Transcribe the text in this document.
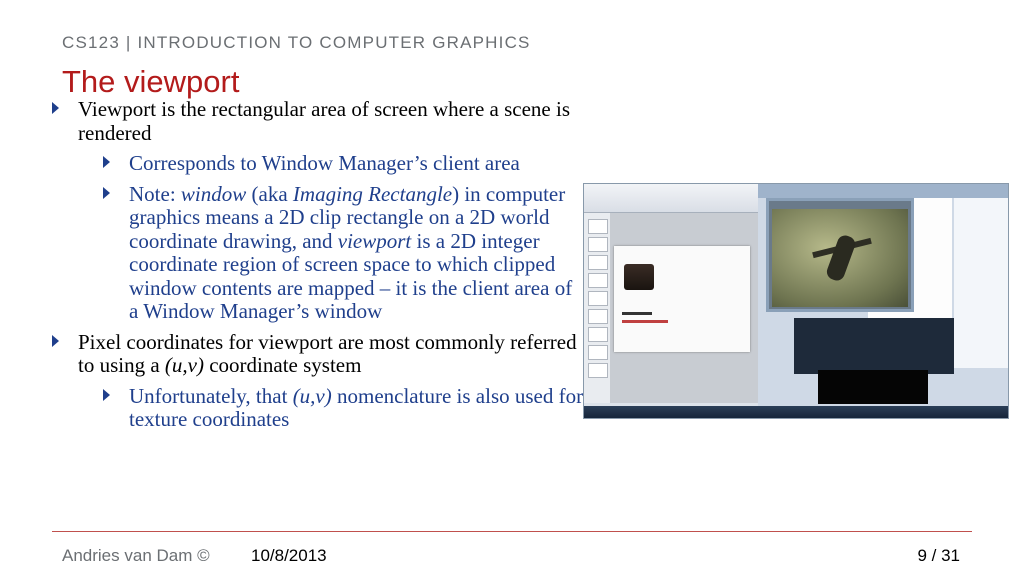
CS123 | INTRODUCTION TO COMPUTER GRAPHICS
The viewport
Viewport is the rectangular area of screen where a scene is rendered
Corresponds to Window Manager’s client area
Note: window (aka Imaging Rectangle) in computer graphics means a 2D clip rectangle on a 2D world coordinate drawing, and viewport is a 2D integer coordinate region of screen space to which clipped window contents are mapped – it is the client area of a Window Manager’s window
Pixel coordinates for viewport are most commonly referred to using a (u,v) coordinate system
Unfortunately, that (u,v) nomenclature is also used for texture coordinates
Andries van Dam © 10/8/2013	9 / 31
